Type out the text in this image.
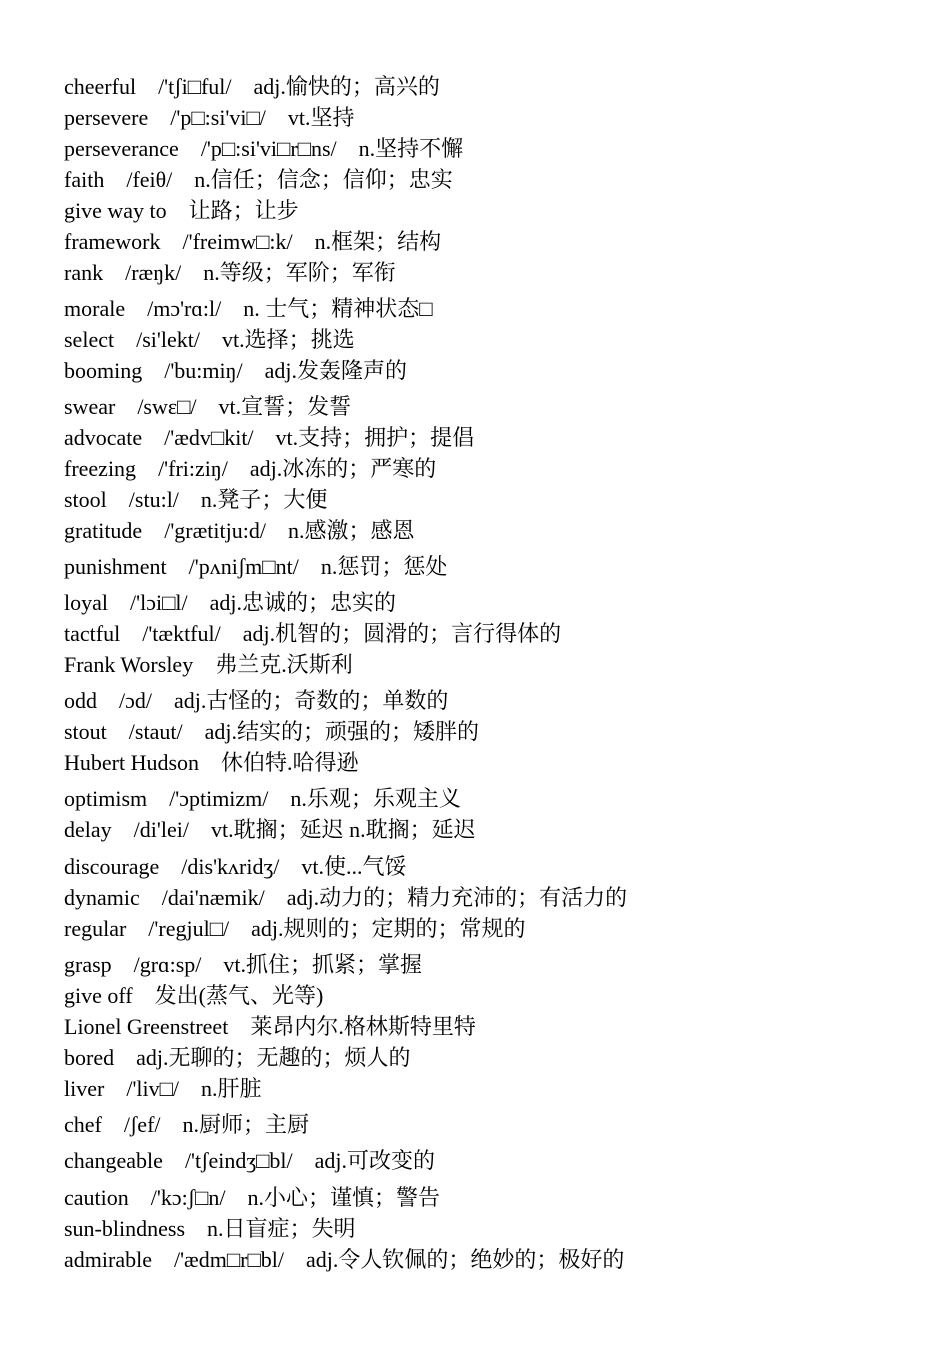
cheerful /'tʃi□ful/ adj.愉快的；高兴的
persevere /'p□:si'vi□/ vt.坚持
perseverance /'p□:si'vi□r□ns/ n.坚持不懈
faith /feiθ/ n.信任；信念；信仰；忠实
give way to 让路；让步
framework /'freimw□:k/ n.框架；结构
rank /ræŋk/ n.等级；军阶；军衔
morale /mɔ'rɑ:l/ n. 士气；精神状态□
select /si'lekt/ vt.选择；挑选
booming /'bu:miŋ/ adj.发轰隆声的
swear /swɛ□/ vt.宣誓；发誓
advocate /'ædv□kit/ vt.支持；拥护；提倡
freezing /'fri:ziŋ/ adj.冰冻的；严寒的
stool /stu:l/ n.凳子；大便
gratitude /'grætitju:d/ n.感激；感恩
punishment /'pʌniʃm□nt/ n.惩罚；惩处
loyal /'lɔi□l/ adj.忠诚的；忠实的
tactful /'tæktful/ adj.机智的；圆滑的；言行得体的
Frank Worsley 弗兰克.沃斯利
odd /ɔd/ adj.古怪的；奇数的；单数的
stout /staut/ adj.结实的；顽强的；矮胖的
Hubert Hudson 休伯特.哈得逊
optimism /'ɔptimizm/ n.乐观；乐观主义
delay /di'lei/ vt.耽搁；延迟 n.耽搁；延迟
discourage /dis'kʌridʒ/ vt.使...气馁
dynamic /dai'næmik/ adj.动力的；精力充沛的；有活力的
regular /'regjul□/ adj.规则的；定期的；常规的
grasp /grɑ:sp/ vt.抓住；抓紧；掌握
give off 发出(蒸气、光等)
Lionel Greenstreet 莱昂内尔.格林斯特里特
bored adj.无聊的；无趣的；烦人的
liver /'liv□/ n.肝脏
chef /ʃef/ n.厨师；主厨
changeable /'tʃeindʒ□bl/ adj.可改变的
caution /'kɔ:ʃ□n/ n.小心；谨慎；警告
sun-blindness n.日盲症；失明
admirable /'ædm□r□bl/ adj.令人钦佩的；绝妙的；极好的
